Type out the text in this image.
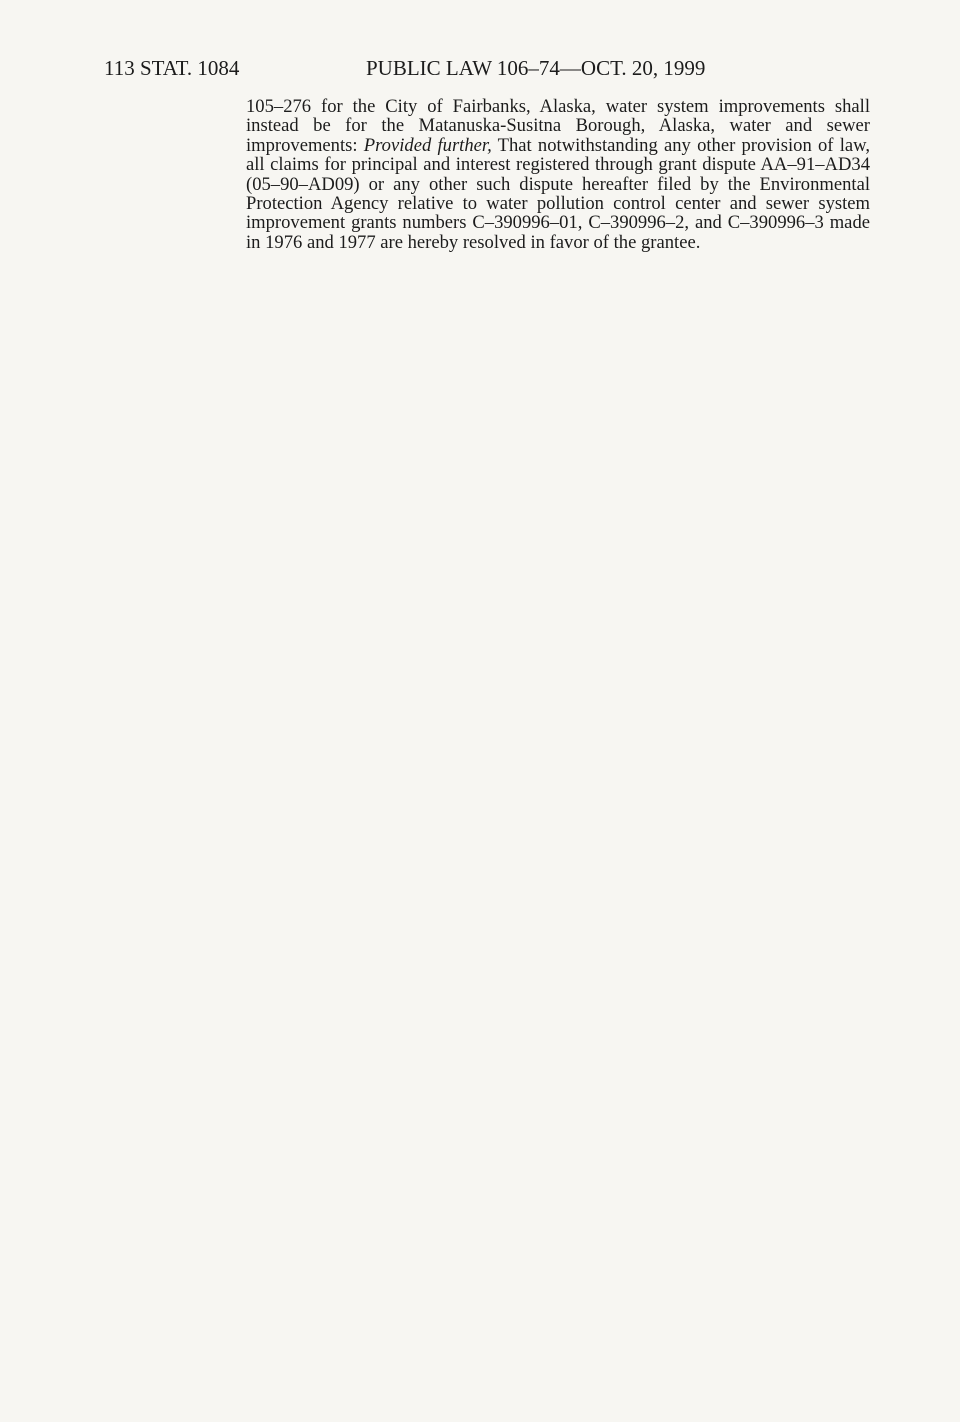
113 STAT. 1084	PUBLIC LAW 106–74—OCT. 20, 1999

105–276 for the City of Fairbanks, Alaska, water system improvements shall instead be for the Matanuska-Susitna Borough, Alaska, water and sewer improvements: Provided further, That notwithstanding any other provision of law, all claims for principal and interest registered through grant dispute AA–91–AD34 (05–90–AD09) or any other such dispute hereafter filed by the Environmental Protection Agency relative to water pollution control center and sewer system improvement grants numbers C–390996–01, C–390996–2, and C–390996–3 made in 1976 and 1977 are hereby resolved in favor of the grantee.
